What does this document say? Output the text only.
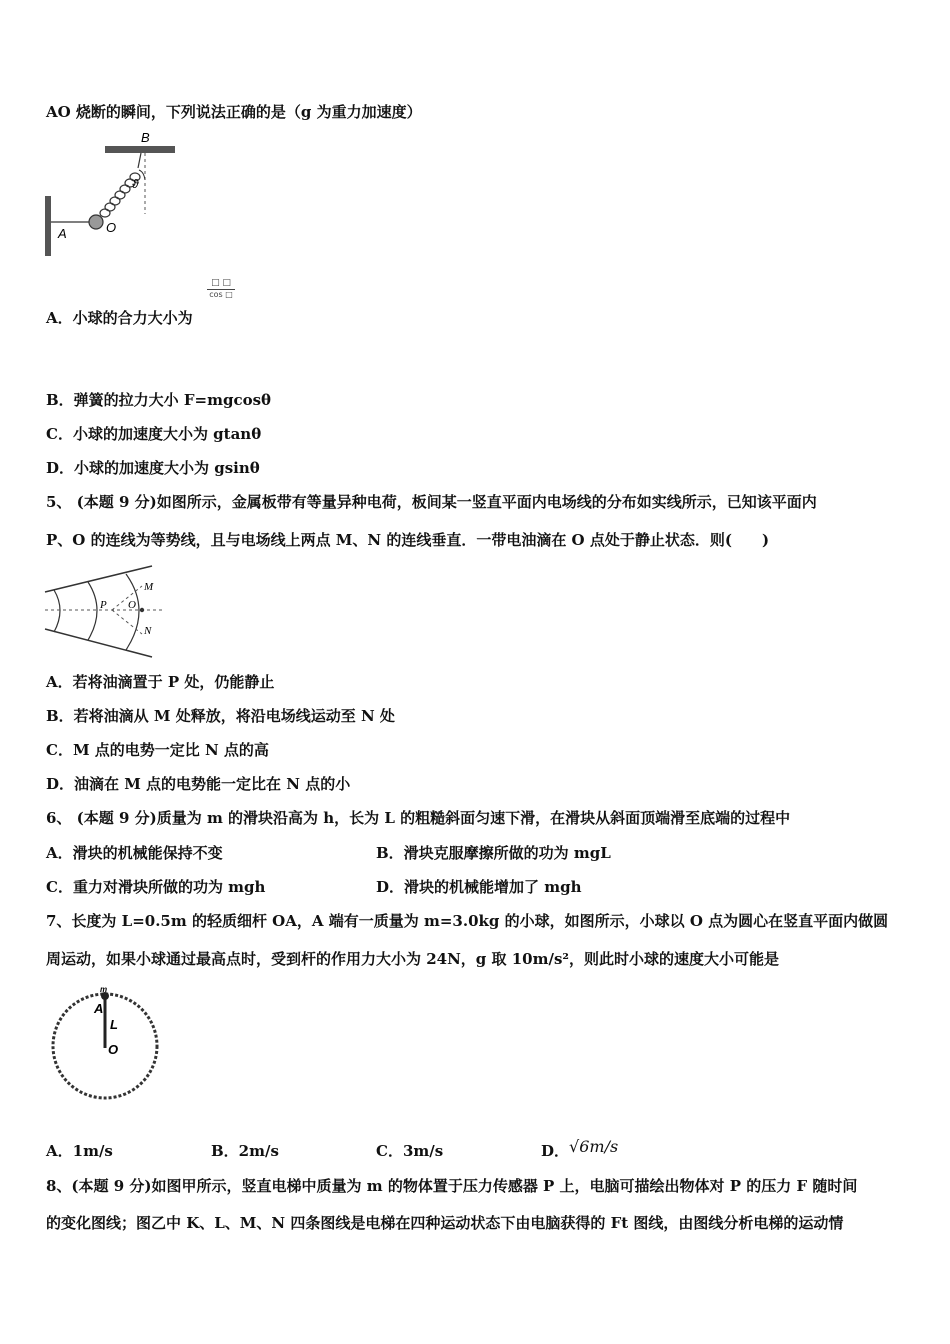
AO 烧断的瞬间，下列说法正确的是（g 为重力加速度）
B
ϑ
A	O
□ □
cos □
A．小球的合力大小为
B．弹簧的拉力大小 F=mgcosθ
C．小球的加速度大小为 gtanθ
D．小球的加速度大小为 gsinθ
5、 (本题 9 分)如图所示，金属板带有等量异种电荷，板间某一竖直平面内电场线的分布如实线所示，已知该平面内
P、O 的连线为等势线，且与电场线上两点 M、N 的连线垂直．一带电油滴在 O 点处于静止状态．则(　　)
M
P O
N
A．若将油滴置于 P 处，仍能静止
B．若将油滴从 M 处释放，将沿电场线运动至 N 处
C．M 点的电势一定比 N 点的高
D．油滴在 M 点的电势能一定比在 N 点的小
6、 (本题 9 分)质量为 m 的滑块沿高为 h，长为 L 的粗糙斜面匀速下滑，在滑块从斜面顶端滑至底端的过程中
A．滑块的机械能保持不变	B．滑块克服摩擦所做的功为 mgL
C．重力对滑块所做的功为 mgh	D．滑块的机械能增加了 mgh
7、长度为 L=0.5m 的轻质细杆 OA，A 端有一质量为 m=3.0kg 的小球，如图所示，小球以 O 点为圆心在竖直平面内做圆
周运动，如果小球通过最高点时，受到杆的作用力大小为 24N，g 取 10m/s²，则此时小球的速度大小可能是
m
A
L
O
A．1m/s	B．2m/s	C．3m/s	D．√6m/s
8、(本题 9 分)如图甲所示，竖直电梯中质量为 m 的物体置于压力传感器 P 上，电脑可描绘出物体对 P 的压力 F 随时间
的变化图线；图乙中 K、L、M、N 四条图线是电梯在四种运动状态下由电脑获得的 Ft 图线，由图线分析电梯的运动情
